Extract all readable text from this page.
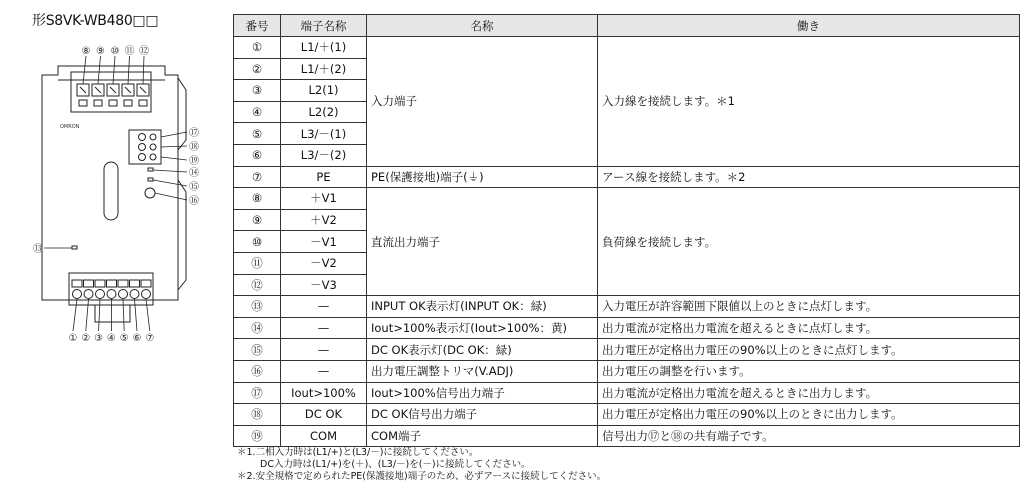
形S8VK-WB480□□
OMRON
⑧ ⑨ ⑩ ⑪ ⑫
⑰
⑱
⑲
⑭
⑮
⑯
⑬
① ② ③ ④ ⑤ ⑥ ⑦
番号	端子名称	名称	働き
①	L1/＋(1)	入力端子	入力線を接続します。＊1
②	L1/＋(2)		
③	L2(1)		
④	L2(2)		
⑤	L3/－(1)		
⑥	L3/－(2)		
⑦	PE	PE(保護接地)端子(⏚)	アース線を接続します。＊2
⑧	＋V1	直流出力端子	負荷線を接続します。
⑨	＋V2		
⑩	－V1		
⑪	－V2		
⑫	－V3		
⑬	—	INPUT OK表示灯(INPUT OK：緑)	入力電圧が許容範囲下限値以上のときに点灯します。
⑭	—	Iout>100%表示灯(Iout>100%：黄)	出力電流が定格出力電流を超えるときに点灯します。
⑮	—	DC OK表示灯(DC OK：緑)	出力電圧が定格出力電圧の90%以上のときに点灯します。
⑯	—	出力電圧調整トリマ(V.ADJ)	出力電圧の調整を行います。
⑰	Iout>100%	Iout>100%信号出力端子	出力電流が定格出力電流を超えるときに出力します。
⑱	DC OK	DC OK信号出力端子	出力電圧が定格出力電圧の90%以上のときに出力します。
⑲	COM	COM端子	信号出力⑰と⑱の共有端子です。
＊1.二相入力時は(L1/+)と(L3/－)に接続してください。
DC入力時は(L1/+)を(＋)、(L3/－)を(－)に接続してください。
＊2.安全規格で定められたPE(保護接地)端子のため、必ずアースに接続してください。
